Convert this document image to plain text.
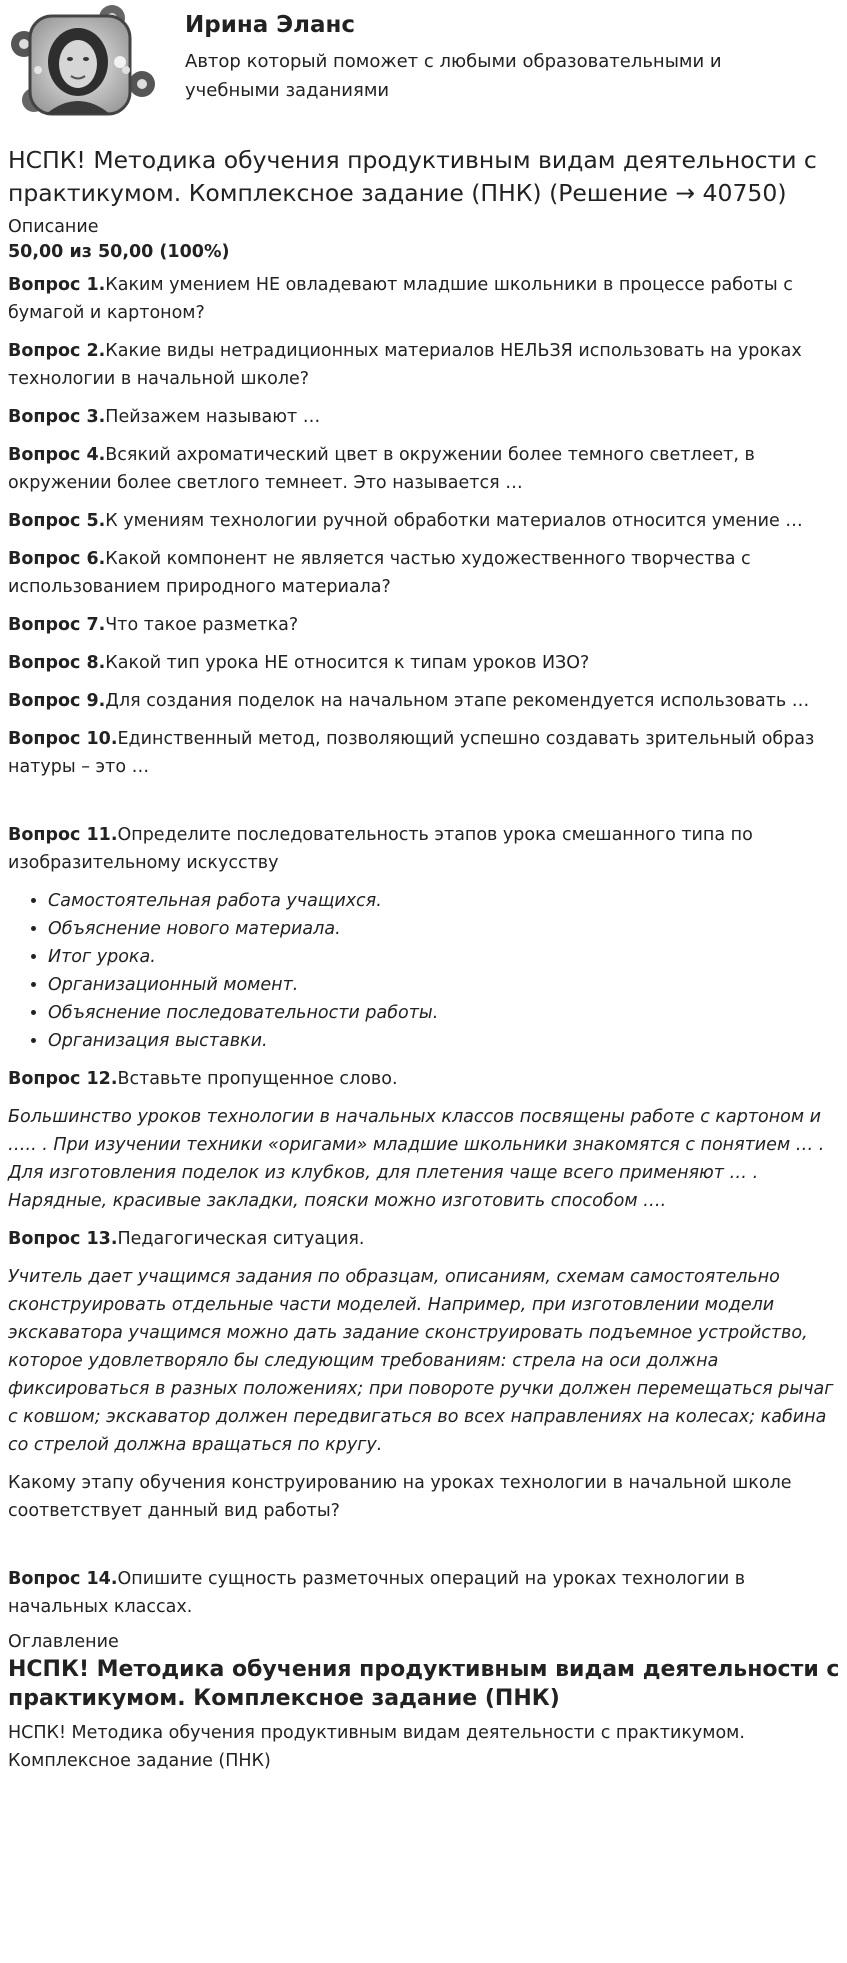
Ирина Эланс
Автор который поможет с любыми образовательными и учебными заданиями
НСПК! Методика обучения продуктивным видам деятельности с практикумом. Комплексное задание (ПНК) (Решение → 40750)
Описание
50,00 из 50,00 (100%)
Вопрос 1.Каким умением НЕ овладевают младшие школьники в процессе работы с бумагой и картоном?
Вопрос 2.Какие виды нетрадиционных материалов НЕЛЬЗЯ использовать на уроках технологии в начальной школе?
Вопрос 3.Пейзажем называют …
Вопрос 4.Всякий ахроматический цвет в окружении более темного светлеет, в окружении более светлого темнеет. Это называется …
Вопрос 5.К умениям технологии ручной обработки материалов относится умение …
Вопрос 6.Какой компонент не является частью художественного творчества с использованием природного материала?
Вопрос 7.Что такое разметка?
Вопрос 8.Какой тип урока НЕ относится к типам уроков ИЗО?
Вопрос 9.Для создания поделок на начальном этапе рекомендуется использовать …
Вопрос 10.Единственный метод, позволяющий успешно создавать зрительный образ натуры – это …
Вопрос 11.Определите последовательность этапов урока смешанного типа по изобразительному искусству
• Самостоятельная работа учащихся.
• Объяснение нового материала.
• Итог урока.
• Организационный момент.
• Объяснение последовательности работы.
• Организация выставки.
Вопрос 12.Вставьте пропущенное слово.
Большинство уроков технологии в начальных классов посвящены работе с картоном и ….. . При изучении техники «оригами» младшие школьники знакомятся с понятием … . Для изготовления поделок из клубков, для плетения чаще всего применяют … . Нарядные, красивые закладки, пояски можно изготовить способом ….
Вопрос 13.Педагогическая ситуация.
Учитель дает учащимся задания по образцам, описаниям, схемам самостоятельно сконструировать отдельные части моделей. Например, при изготовлении модели экскаватора учащимся можно дать задание сконструировать подъемное устройство, которое удовлетворяло бы следующим требованиям: стрела на оси должна фиксироваться в разных положениях; при повороте ручки должен перемещаться рычаг с ковшом; экскаватор должен передвигаться во всех направлениях на колесах; кабина со стрелой должна вращаться по кругу.
Какому этапу обучения конструированию на уроках технологии в начальной школе соответствует данный вид работы?
Вопрос 14.Опишите сущность разметочных операций на уроках технологии в начальных классах.
Оглавление
НСПК! Методика обучения продуктивным видам деятельности с практикумом. Комплексное задание (ПНК)
НСПК! Методика обучения продуктивным видам деятельности с практикумом. Комплексное задание (ПНК)
